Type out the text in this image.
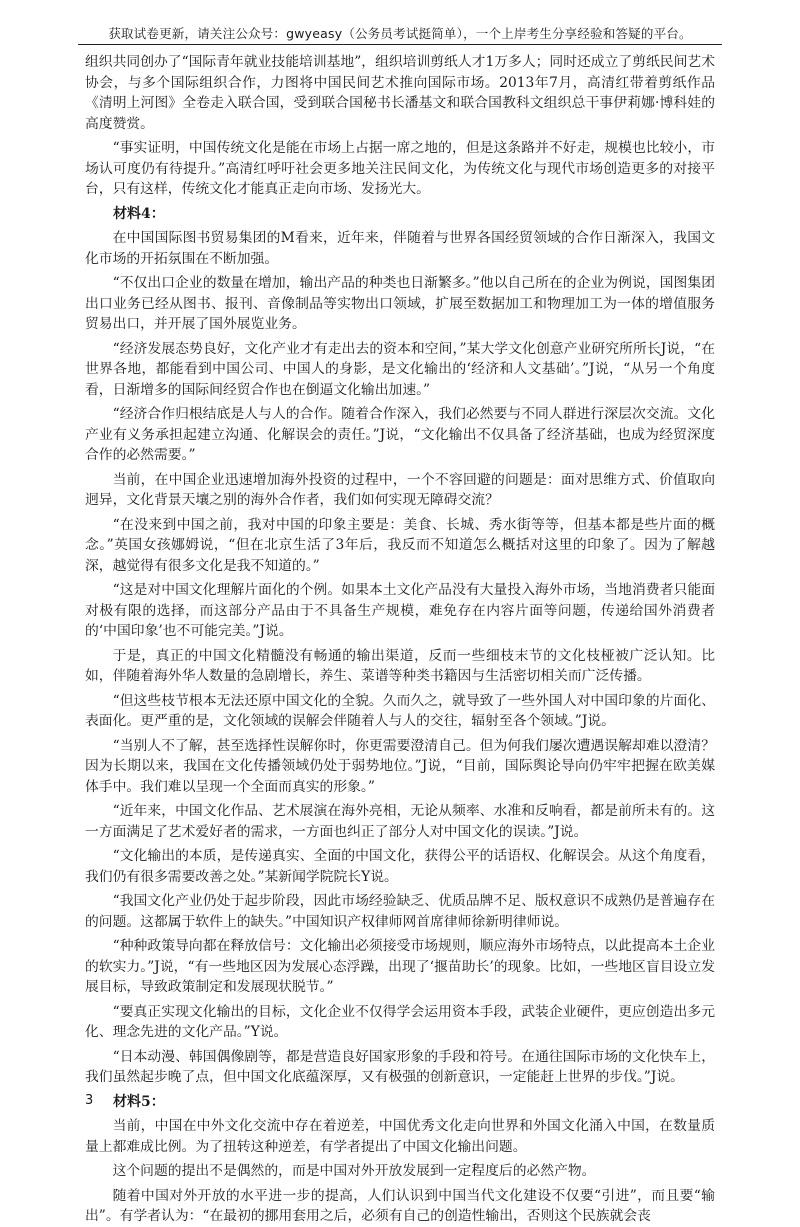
获取试卷更新，请关注公众号：gwyeasy（公务员考试挺简单），一个上岸考生分享经验和答疑的平台。

组织共同创办了“国际青年就业技能培训基地”，组织培训剪纸人才1万多人；同时还成立了剪纸民间艺术协会，与多个国际组织合作，力图将中国民间艺术推向国际市场。2013年7月，高清红带着剪纸作品《清明上河图》全卷走入联合国，受到联合国秘书长潘基文和联合国教科文组织总干事伊莉娜·博科娃的高度赞赏。

“事实证明，中国传统文化是能在市场上占据一席之地的，但是这条路并不好走，规模也比较小，市场认可度仍有待提升。”高清红呼吁社会更多地关注民间文化，为传统文化与现代市场创造更多的对接平台，只有这样，传统文化才能真正走向市场、发扬光大。

材料4：

在中国国际图书贸易集团的M看来，近年来，伴随着与世界各国经贸领域的合作日渐深入，我国文化市场的开拓氛围在不断加强。

“不仅出口企业的数量在增加，输出产品的种类也日渐繁多。”他以自己所在的企业为例说，国图集团出口业务已经从图书、报刊、音像制品等实物出口领域，扩展至数据加工和物理加工为一体的增值服务贸易出口，并开展了国外展览业务。

“经济发展态势良好，文化产业才有走出去的资本和空间，”某大学文化创意产业研究所所长J说，“在世界各地，都能看到中国公司、中国人的身影，是文化输出的‘经济和人文基础’。”J说，“从另一个角度看，日渐增多的国际间经贸合作也在倒逼文化输出加速。”

“经济合作归根结底是人与人的合作。随着合作深入，我们必然要与不同人群进行深层次交流。文化产业有义务承担起建立沟通、化解误会的责任。”J说，“文化输出不仅具备了经济基础，也成为经贸深度合作的必然需要。”

当前，在中国企业迅速增加海外投资的过程中，一个不容回避的问题是：面对思维方式、价值取向迥异，文化背景天壤之别的海外合作者，我们如何实现无障碍交流？

“在没来到中国之前，我对中国的印象主要是：美食、长城、秀水街等等，但基本都是些片面的概念。”英国女孩娜姆说，“但在北京生活了3年后，我反而不知道怎么概括对这里的印象了。因为了解越深，越觉得有很多文化是我不知道的。”

“这是对中国文化理解片面化的个例。如果本土文化产品没有大量投入海外市场，当地消费者只能面对极有限的选择，而这部分产品由于不具备生产规模，难免存在内容片面等问题，传递给国外消费者的‘中国印象’也不可能完美。”J说。

于是，真正的中国文化精髓没有畅通的输出渠道，反而一些细枝末节的文化枝桠被广泛认知。比如，伴随着海外华人数量的急剧增长，养生、菜谱等种类书籍因与生活密切相关而广泛传播。

“但这些枝节根本无法还原中国文化的全貌。久而久之，就导致了一些外国人对中国印象的片面化、表面化。更严重的是，文化领域的误解会伴随着人与人的交往，辐射至各个领域。”J说。

“当别人不了解，甚至选择性误解你时，你更需要澄清自己。但为何我们屡次遭遇误解却难以澄清？因为长期以来，我国在文化传播领域仍处于弱势地位。”J说，“目前，国际舆论导向仍牢牢把握在欧美媒体手中。我们难以呈现一个全面而真实的形象。”

“近年来，中国文化作品、艺术展演在海外亮相，无论从频率、水准和反响看，都是前所未有的。这一方面满足了艺术爱好者的需求，一方面也纠正了部分人对中国文化的误读。”J说。

“文化输出的本质，是传递真实、全面的中国文化，获得公平的话语权、化解误会。从这个角度看，我们仍有很多需要改善之处。”某新闻学院院长Y说。

“我国文化产业仍处于起步阶段，因此市场经验缺乏、优质品牌不足、版权意识不成熟仍是普遍存在的问题。这都属于软件上的缺失。”中国知识产权律师网首席律师徐新明律师说。

“种种政策导向都在释放信号：文化输出必须接受市场规则，顺应海外市场特点，以此提高本土企业的软实力。”J说，“有一些地区因为发展心态浮躁，出现了‘揠苗助长’的现象。比如，一些地区盲目设立发展目标，导致政策制定和发展现状脱节。”

“要真正实现文化输出的目标，文化企业不仅得学会运用资本手段，武装企业硬件，更应创造出多元化、理念先进的文化产品。”Y说。

“日本动漫、韩国偶像剧等，都是营造良好国家形象的手段和符号。在通往国际市场的文化快车上，我们虽然起步晚了点，但中国文化底蕴深厚，又有极强的创新意识，一定能赶上世界的步伐。”J说。

材料5：

当前，中国在中外文化交流中存在着逆差，中国优秀文化走向世界和外国文化涌入中国，在数量质量上都难成比例。为了扭转这种逆差，有学者提出了中国文化输出问题。

这个问题的提出不是偶然的，而是中国对外开放发展到一定程度后的必然产物。

随着中国对外开放的水平进一步的提高，人们认识到中国当代文化建设不仅要“引进”，而且要“输出”。有学者认为：“在最初的挪用套用之后，必须有自己的创造性输出，否则这个民族就会丧

3
